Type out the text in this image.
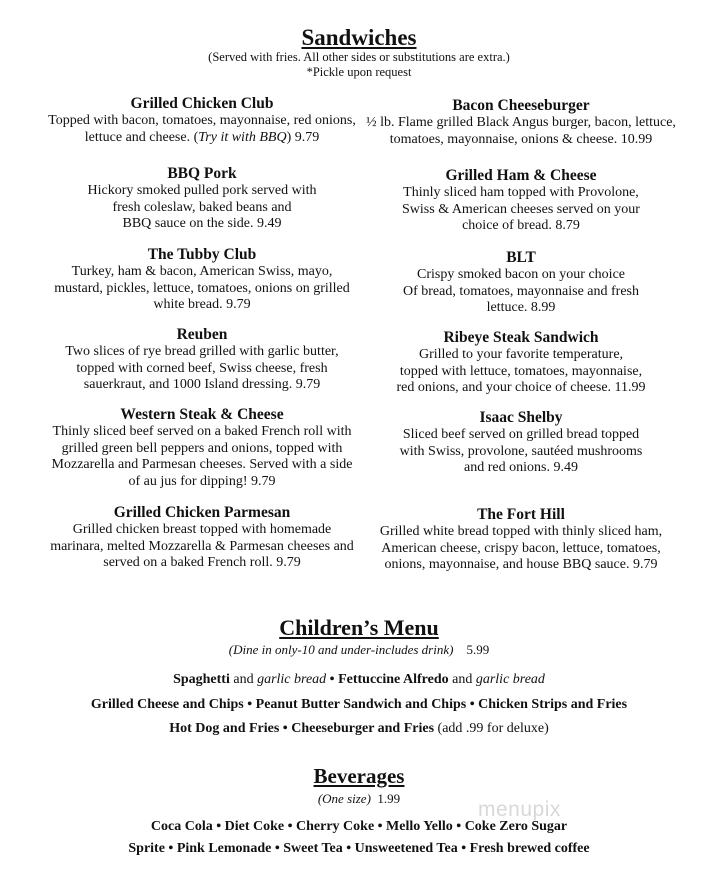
Sandwiches
(Served with fries. All other sides or substitutions are extra.)
*Pickle upon request
Grilled Chicken Club
Topped with bacon, tomatoes, mayonnaise, red onions,
lettuce and cheese. (Try it with BBQ) 9.79
BBQ Pork
Hickory smoked pulled pork served with
fresh coleslaw, baked beans and
BBQ sauce on the side. 9.49
The Tubby Club
Turkey, ham & bacon, American Swiss, mayo,
mustard, pickles, lettuce, tomatoes, onions on grilled
white bread. 9.79
Reuben
Two slices of rye bread grilled with garlic butter,
topped with corned beef, Swiss cheese, fresh
sauerkraut, and 1000 Island dressing. 9.79
Western Steak & Cheese
Thinly sliced beef served on a baked French roll with
grilled green bell peppers and onions, topped with
Mozzarella and Parmesan cheeses. Served with a side
of au jus for dipping! 9.79
Grilled Chicken Parmesan
Grilled chicken breast topped with homemade
marinara, melted Mozzarella & Parmesan cheeses and
served on a baked French roll. 9.79
Bacon Cheeseburger
½ lb. Flame grilled Black Angus burger, bacon, lettuce,
tomatoes, mayonnaise, onions & cheese. 10.99
Grilled Ham & Cheese
Thinly sliced ham topped with Provolone,
Swiss & American cheeses served on your
choice of bread. 8.79
BLT
Crispy smoked bacon on your choice
Of bread, tomatoes, mayonnaise and fresh
lettuce. 8.99
Ribeye Steak Sandwich
Grilled to your favorite temperature,
topped with lettuce, tomatoes, mayonnaise,
red onions, and your choice of cheese. 11.99
Isaac Shelby
Sliced beef served on grilled bread topped
with Swiss, provolone, sautéed mushrooms
and red onions. 9.49
The Fort Hill
Grilled white bread topped with thinly sliced ham,
American cheese, crispy bacon, lettuce, tomatoes,
onions, mayonnaise, and house BBQ sauce. 9.79
Children’s Menu
(Dine in only-10 and under-includes drink) 5.99
Spaghetti and garlic bread • Fettuccine Alfredo and garlic bread
Grilled Cheese and Chips • Peanut Butter Sandwich and Chips • Chicken Strips and Fries
Hot Dog and Fries • Cheeseburger and Fries (add .99 for deluxe)
Beverages
(One size) 1.99
Coca Cola • Diet Coke • Cherry Coke • Mello Yello • Coke Zero Sugar
Sprite • Pink Lemonade • Sweet Tea • Unsweetened Tea • Fresh brewed coffee
menupix
